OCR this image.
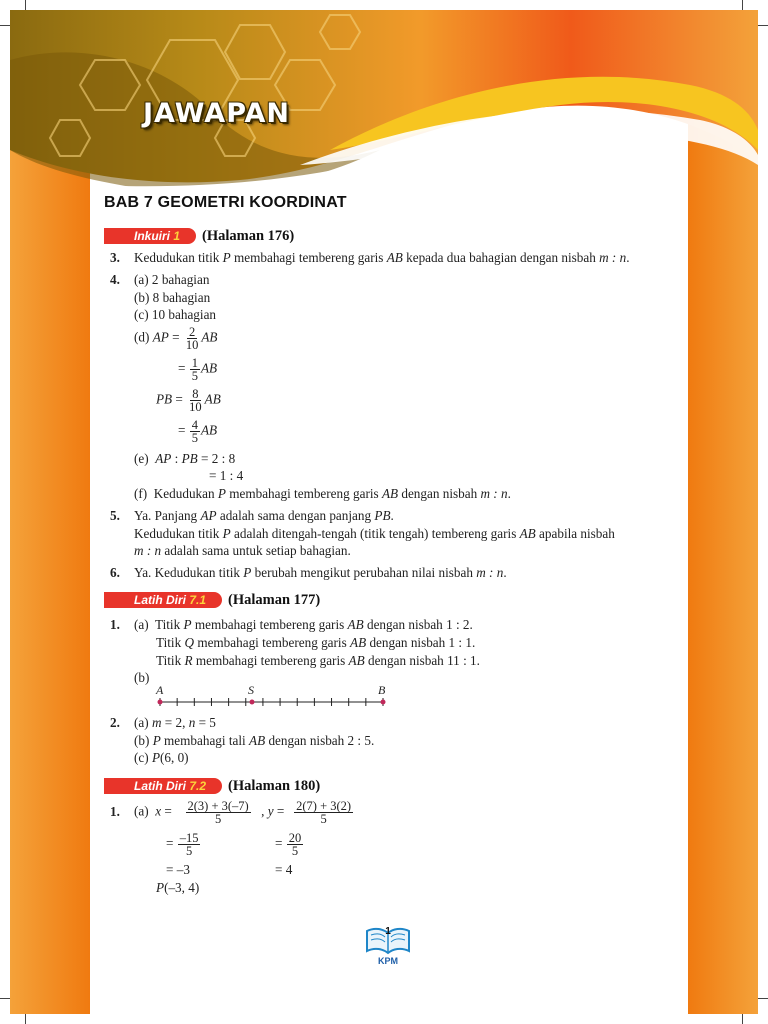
JAWAPAN
BAB 7 GEOMETRI KOORDINAT
Inkuiri 1	(Halaman 176)
3. Kedudukan titik P membahagi tembereng garis AB kepada dua bahagian dengan nisbah m : n.
4. (a) 2 bahagian
(b) 8 bahagian
(c) 10 bahagian
(d) AP = $\frac{2}{10}$ AB
= $\frac{1}{5}$ AB
PB = $\frac{8}{10}$ AB
= $\frac{4}{5}$ AB
(e) AP : PB = 2 : 8
= 1 : 4
(f) Kedudukan P membahagi tembereng garis AB dengan nisbah m : n.
5. Ya. Panjang AP adalah sama dengan panjang PB.
Kedudukan titik P adalah ditengah-tengah (titik tengah) tembereng garis AB apabila nisbah
m : n adalah sama untuk setiap bahagian.
6. Ya. Kedudukan titik P berubah mengikut perubahan nilai nisbah m : n.
Latih Diri 7.1	(Halaman 177)
1. (a) Titik P membahagi tembereng garis AB dengan nisbah 1 : 2.
Titik Q membahagi tembereng garis AB dengan nisbah 1 : 1.
Titik R membahagi tembereng garis AB dengan nisbah 11 : 1.
(b)
A	S	B
2. (a) m = 2, n = 5
(b) P membahagi tali AB dengan nisbah 2 : 5.
(c) P(6, 0)
Latih Diri 7.2	(Halaman 180)
1. (a) $x = \frac{2(3) + 3(-7)}{5}$ , $y = \frac{2(7) + 3(2)}{5}$
= $\frac{-15}{5}$	= $\frac{20}{5}$
= –3	= 4
P(–3, 4)
1
KPM
